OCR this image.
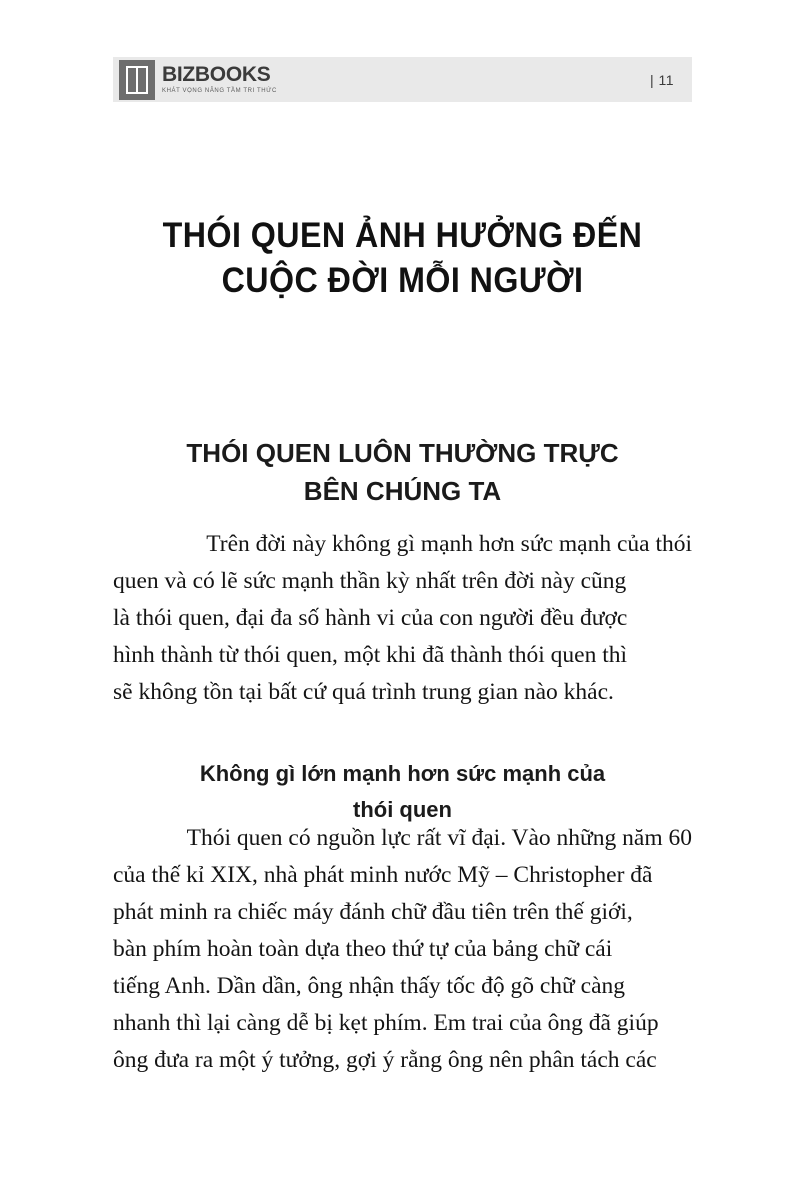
BIZBOOKS
KHÁT VỌNG NÂNG TẦM TRI THỨC
| 11
THÓI QUEN ẢNH HƯỞNG ĐẾN
CUỘC ĐỜI MỖI NGƯỜI
THÓI QUEN LUÔN THƯỜNG TRỰC
BÊN CHÚNG TA
Trên đời này không gì mạnh hơn sức mạnh của thói
quen và có lẽ sức mạnh thần kỳ nhất trên đời này cũng
là thói quen, đại đa số hành vi của con người đều được
hình thành từ thói quen, một khi đã thành thói quen thì
sẽ không tồn tại bất cứ quá trình trung gian nào khác.
Không gì lớn mạnh hơn sức mạnh của
thói quen
Thói quen có nguồn lực rất vĩ đại. Vào những năm 60
của thế kỉ XIX, nhà phát minh nước Mỹ – Christopher đã
phát minh ra chiếc máy đánh chữ đầu tiên trên thế giới,
bàn phím hoàn toàn dựa theo thứ tự của bảng chữ cái
tiếng Anh. Dần dần, ông nhận thấy tốc độ gõ chữ càng
nhanh thì lại càng dễ bị kẹt phím. Em trai của ông đã giúp
ông đưa ra một ý tưởng, gợi ý rằng ông nên phân tách các
